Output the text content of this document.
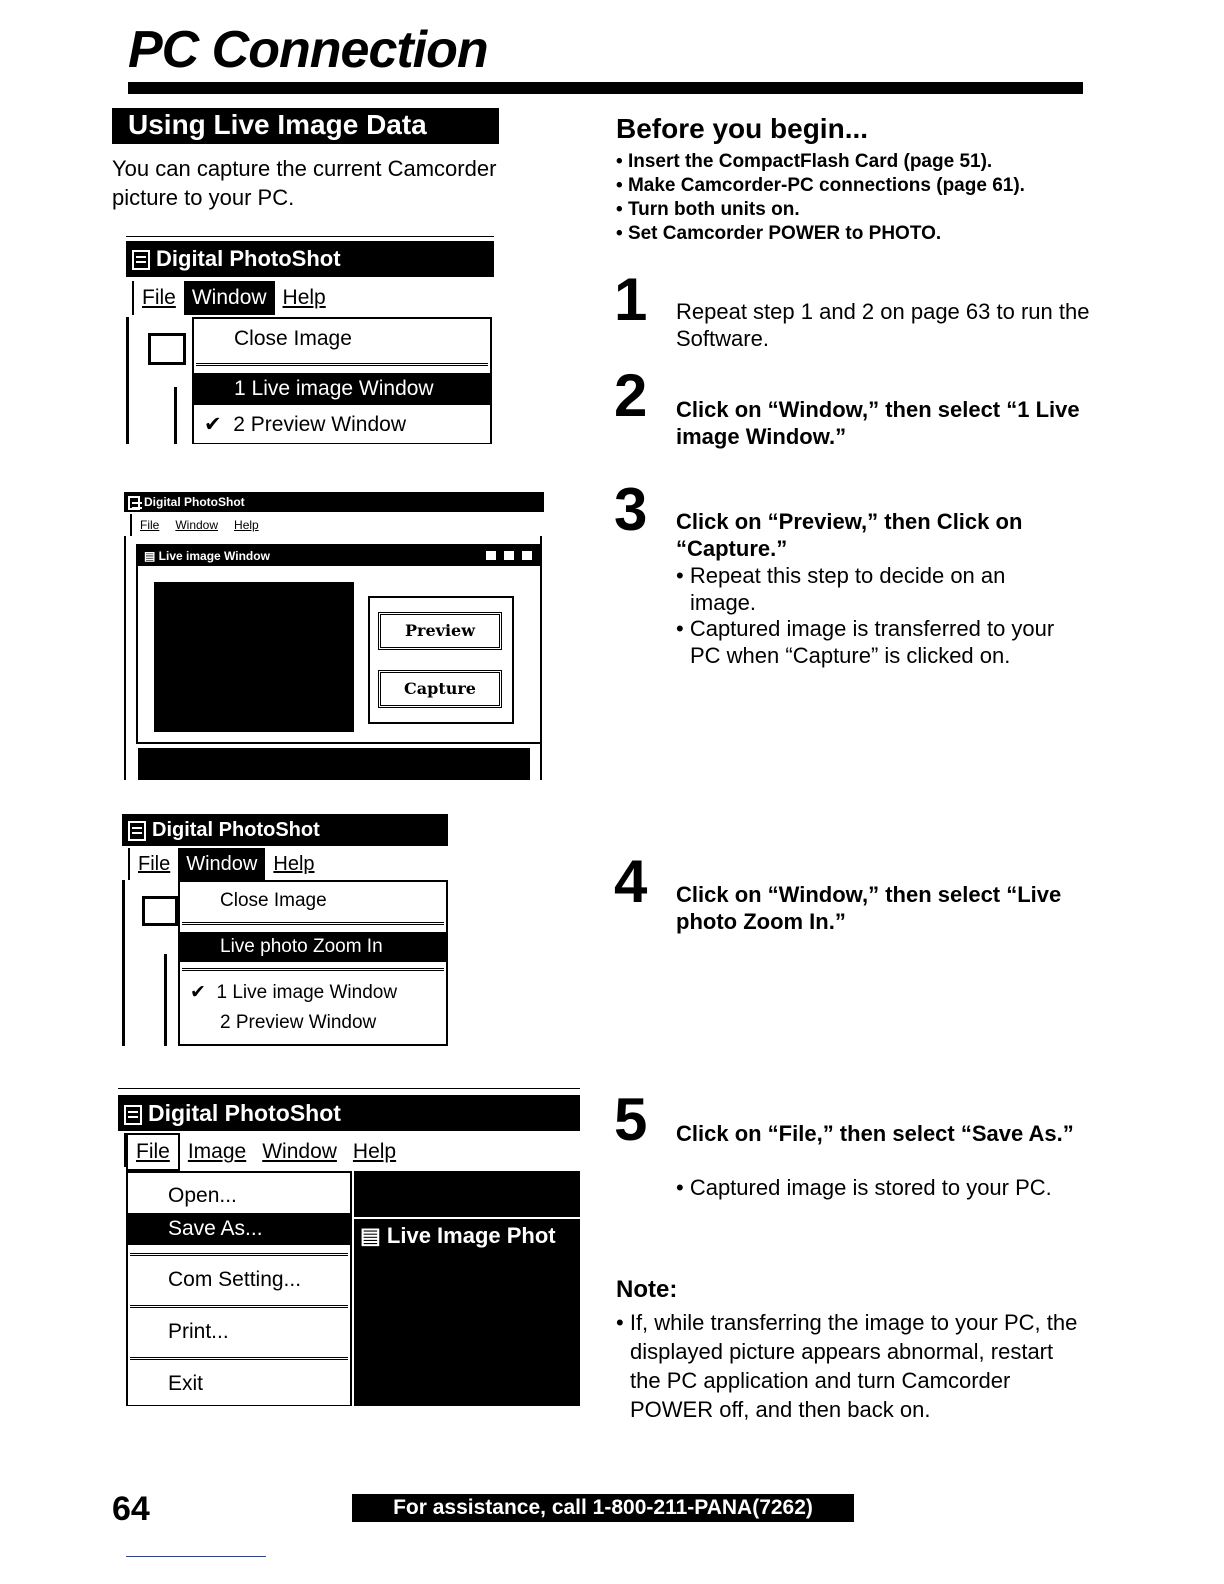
PC Connection
Using Live Image Data
You can capture the current Camcorder picture to your PC.
Digital PhotoShot
File Window Help
Close Image
1 Live image Window
✔  2 Preview Window
Digital PhotoShot
File Window Help
▤ Live image Window
Preview
Capture
Digital PhotoShot
File Window Help
Close Image
Live photo Zoom In
✔  1 Live image Window
2 Preview Window
Digital PhotoShot
File Image Window Help
▤ Live Image Phot
Open...
Save As...
Com Setting...
Print...
Exit
Before you begin...
• Insert the CompactFlash Card (page 51).
• Make Camcorder-PC connections (page 61).
• Turn both units on.
• Set Camcorder POWER to PHOTO.
1 Repeat step 1 and 2 on page 63 to run the Software.
2 Click on “Window,” then select “1 Live image Window.”
3 Click on “Preview,” then Click on “Capture.”
• Repeat this step to decide on an image.
• Captured image is transferred to your PC when “Capture” is clicked on.
4 Click on “Window,” then select “Live photo Zoom In.”
5 Click on “File,” then select “Save As.”
• Captured image is stored to your PC.
Note:
• If, while transferring the image to your PC, the displayed picture appears abnormal, restart the PC application and turn Camcorder POWER off, and then back on.
64	For assistance, call 1-800-211-PANA(7262)
